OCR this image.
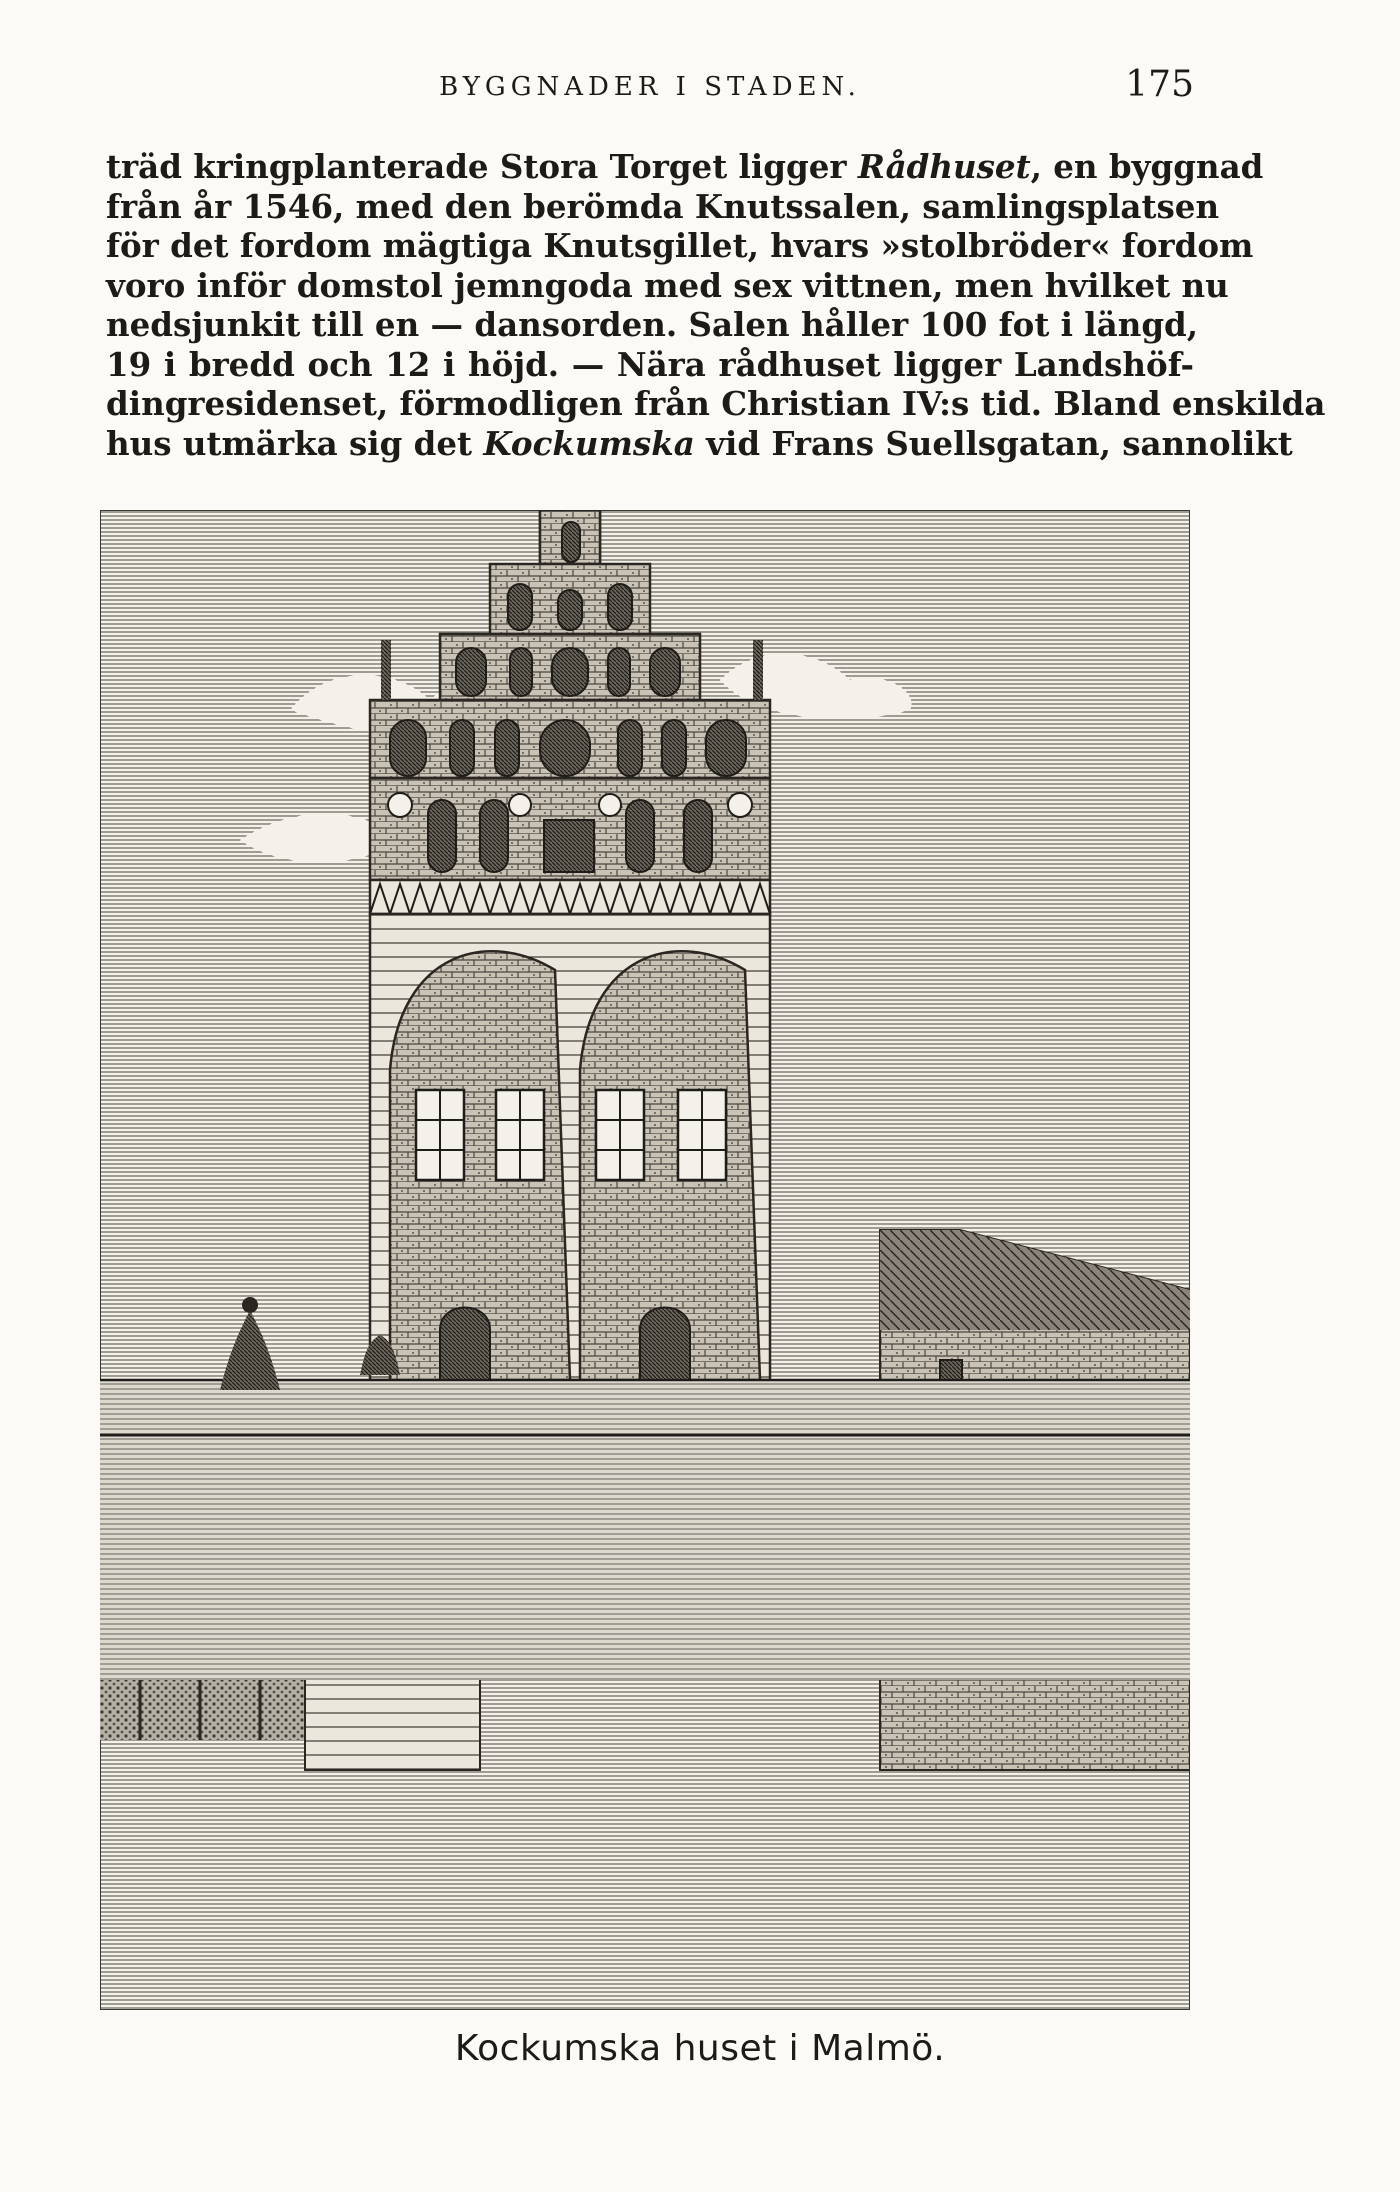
BYGGNADER I STADEN.	175
träd kringplanterade Stora Torget ligger Rådhuset, en byggnad
från år 1546, med den berömda Knutssalen, samlingsplatsen
för det fordom mägtiga Knutsgillet, hvars »stolbröder« fordom
voro inför domstol jemngoda med sex vittnen, men hvilket nu
nedsjunkit till en — dansorden. Salen håller 100 fot i längd,
19 i bredd och 12 i höjd. — Nära rådhuset ligger Landshöf-
dingresidenset, förmodligen från Christian IV:s tid. Bland enskilda
hus utmärka sig det Kockumska vid Frans Suellsgatan, sannolikt
Kockumska huset i Malmö.
